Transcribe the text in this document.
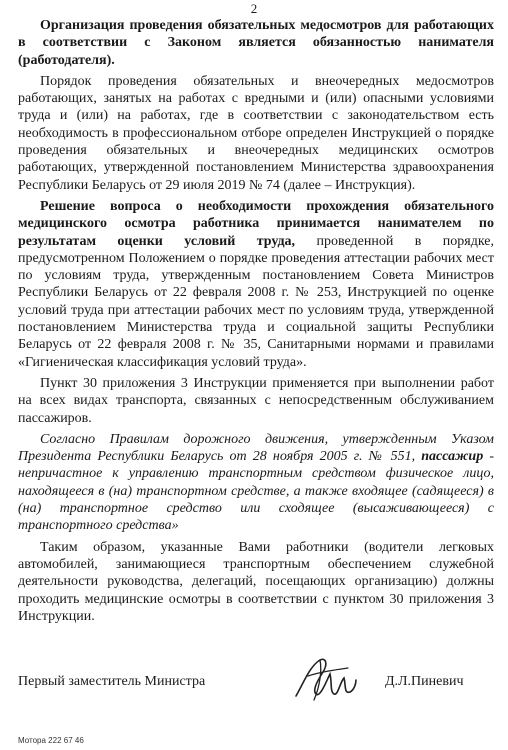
2

Организация проведения обязательных медосмотров для работающих в соответствии с Законом является обязанностью нанимателя (работодателя).

Порядок проведения обязательных и внеочередных медосмотров работающих, занятых на работах с вредными и (или) опасными условиями труда и (или) на работах, где в соответствии с законодательством есть необходимость в профессиональном отборе определен Инструкцией о порядке проведения обязательных и внеочередных медицинских осмотров работающих, утвержденной постановлением Министерства здравоохранения Республики Беларусь от 29 июля 2019 № 74 (далее – Инструкция).

Решение вопроса о необходимости прохождения обязательного медицинского осмотра работника принимается нанимателем по результатам оценки условий труда, проведенной в порядке, предусмотренном Положением о порядке проведения аттестации рабочих мест по условиям труда, утвержденным постановлением Совета Министров Республики Беларусь от 22 февраля 2008 г. № 253, Инструкцией по оценке условий труда при аттестации рабочих мест по условиям труда, утвержденной постановлением Министерства труда и социальной защиты Республики Беларусь от 22 февраля 2008 г. № 35, Санитарными нормами и правилами «Гигиеническая классификация условий труда».

Пункт 30 приложения 3 Инструкции применяется при выполнении работ на всех видах транспорта, связанных с непосредственным обслуживанием пассажиров.

Согласно Правилам дорожного движения, утвержденным Указом Президента Республики Беларусь от 28 ноября 2005 г. № 551, пассажир - непричастное к управлению транспортным средством физическое лицо, находящееся в (на) транспортном средстве, а также входящее (садящееся) в (на) транспортное средство или сходящее (высаживающееся) с транспортного средства»

Таким образом, указанные Вами работники (водители легковых автомобилей, занимающиеся транспортным обеспечением служебной деятельности руководства, делегаций, посещающих организацию) должны проходить медицинские осмотры в соответствии с пунктом 30 приложения 3 Инструкции.

Первый заместитель Министра	Д.Л.Пиневич
Мотора 222 67 46
